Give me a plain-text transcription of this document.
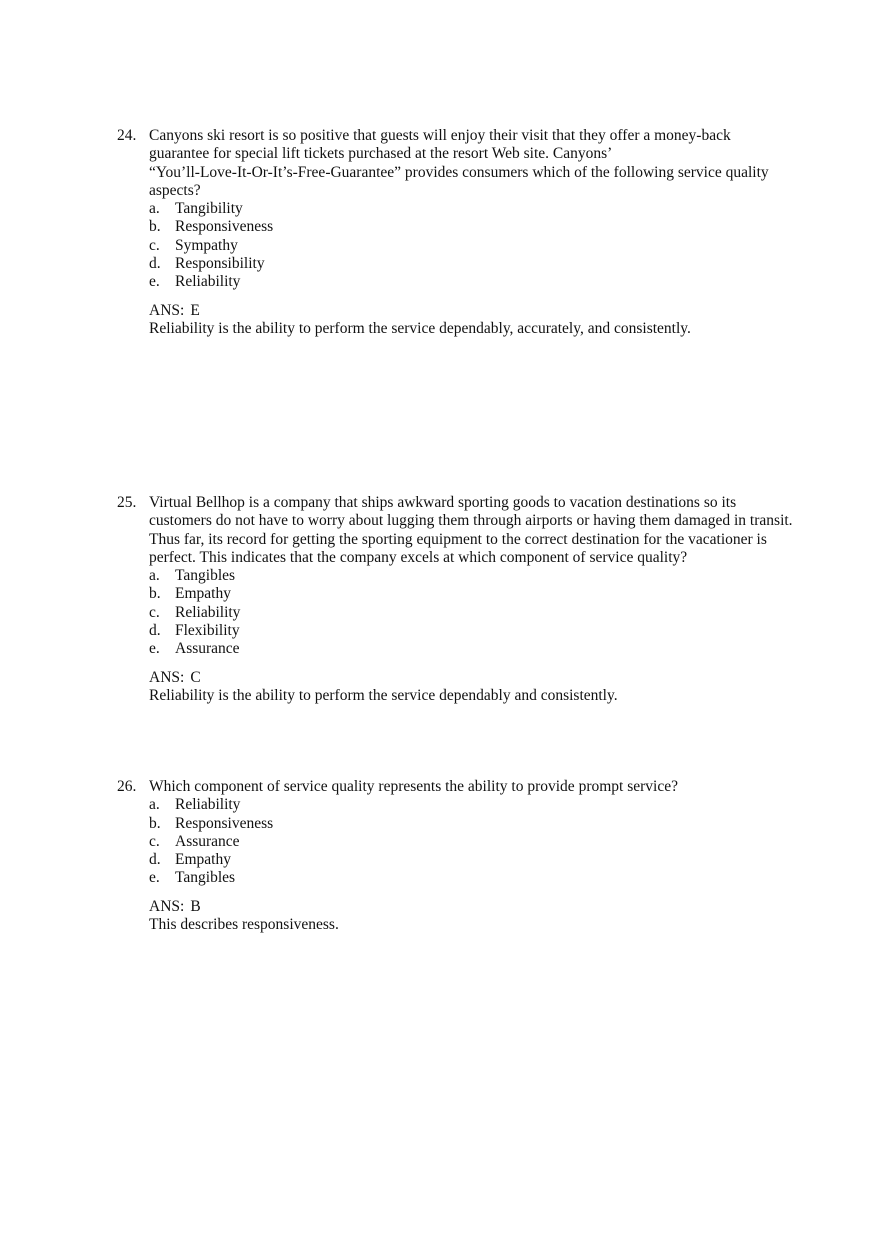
24. Canyons ski resort is so positive that guests will enjoy their visit that they offer a money-back
guarantee for special lift tickets purchased at the resort Web site. Canyons’
“You’ll-Love-It-Or-It’s-Free-Guarantee” provides consumers which of the following service quality
aspects?
a. Tangibility
b. Responsiveness
c. Sympathy
d. Responsibility
e. Reliability
ANS: E
Reliability is the ability to perform the service dependably, accurately, and consistently.
25. Virtual Bellhop is a company that ships awkward sporting goods to vacation destinations so its
customers do not have to worry about lugging them through airports or having them damaged in transit.
Thus far, its record for getting the sporting equipment to the correct destination for the vacationer is
perfect. This indicates that the company excels at which component of service quality?
a. Tangibles
b. Empathy
c. Reliability
d. Flexibility
e. Assurance
ANS: C
Reliability is the ability to perform the service dependably and consistently.
26. Which component of service quality represents the ability to provide prompt service?
a. Reliability
b. Responsiveness
c. Assurance
d. Empathy
e. Tangibles
ANS: B
This describes responsiveness.
